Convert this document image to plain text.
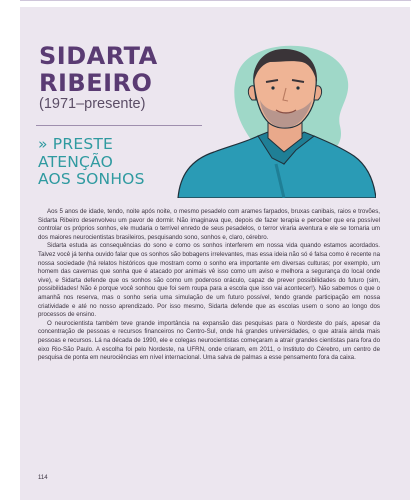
SIDARTA
RIBEIRO
(1971–presente)
» PRESTE
ATENÇÃO
AOS SONHOS

Aos 5 anos de idade, tendo, noite após noite, o mesmo pesadelo com aramеs farpados, bruxas canibais, raios e trovões, Sidarta Ribeiro desenvolveu um pavor de dormir. Não imaginava que, depois de fazer terapia e perceber que era possível controlar os próprios sonhos, ele mudaria o terrível enredo de seus pesadelos, o terror viraria aventura e ele se tornaria um dos maiores neurocientistas brasileiros, pesquisando sono, sonhos e, claro, cérebro.

Sidarta estuda as consequências do sono e como os sonhos interferem em nossa vida quando estamos acordados. Talvez você já tenha ouvido falar que os sonhos são bobagens irrelevantes, mas essa ideia não só é falsa como é recente na nossa sociedade (há relatos históricos que mostram como o sonho era importante em diversas culturas; por exemplo, um homem das cavernas que sonha que é atacado por animais vê isso como um aviso e melhora a segurança do local onde vive), e Sidarta defende que os sonhos são como um poderoso oráculo, capaz de prever possibilidades do futuro (sim, possibilidades! Não é porque você sonhou que foi sem roupa para a escola que isso vai acontecer!). Não sabemos o que o amanhã nos reserva, mas o sonho seria uma simulação de um futuro possível, tendo grande participação em nossa criatividade e até no nosso aprendizado. Por isso mesmo, Sidarta defende que as escolas usem o sono ao longo dos processos de ensino.

O neurocientista também teve grande importância na expansão das pesquisas para o Nordeste do país, apesar da concentração de pessoas e recursos financeiros no Centro-Sul, onde há grandes universidades, o que atraía ainda mais pessoas e recursos. Lá na década de 1990, ele e colegas neurocientistas começaram a atrair grandes cientistas para fora do eixo Rio-São Paulo. A escolha foi pelo Nordeste, na UFRN, onde criaram, em 2011, o Instituto do Cérebro, um centro de pesquisa de ponta em neurociências em nível internacional. Uma salva de palmas a esse pensamento fora da caixa.

114
